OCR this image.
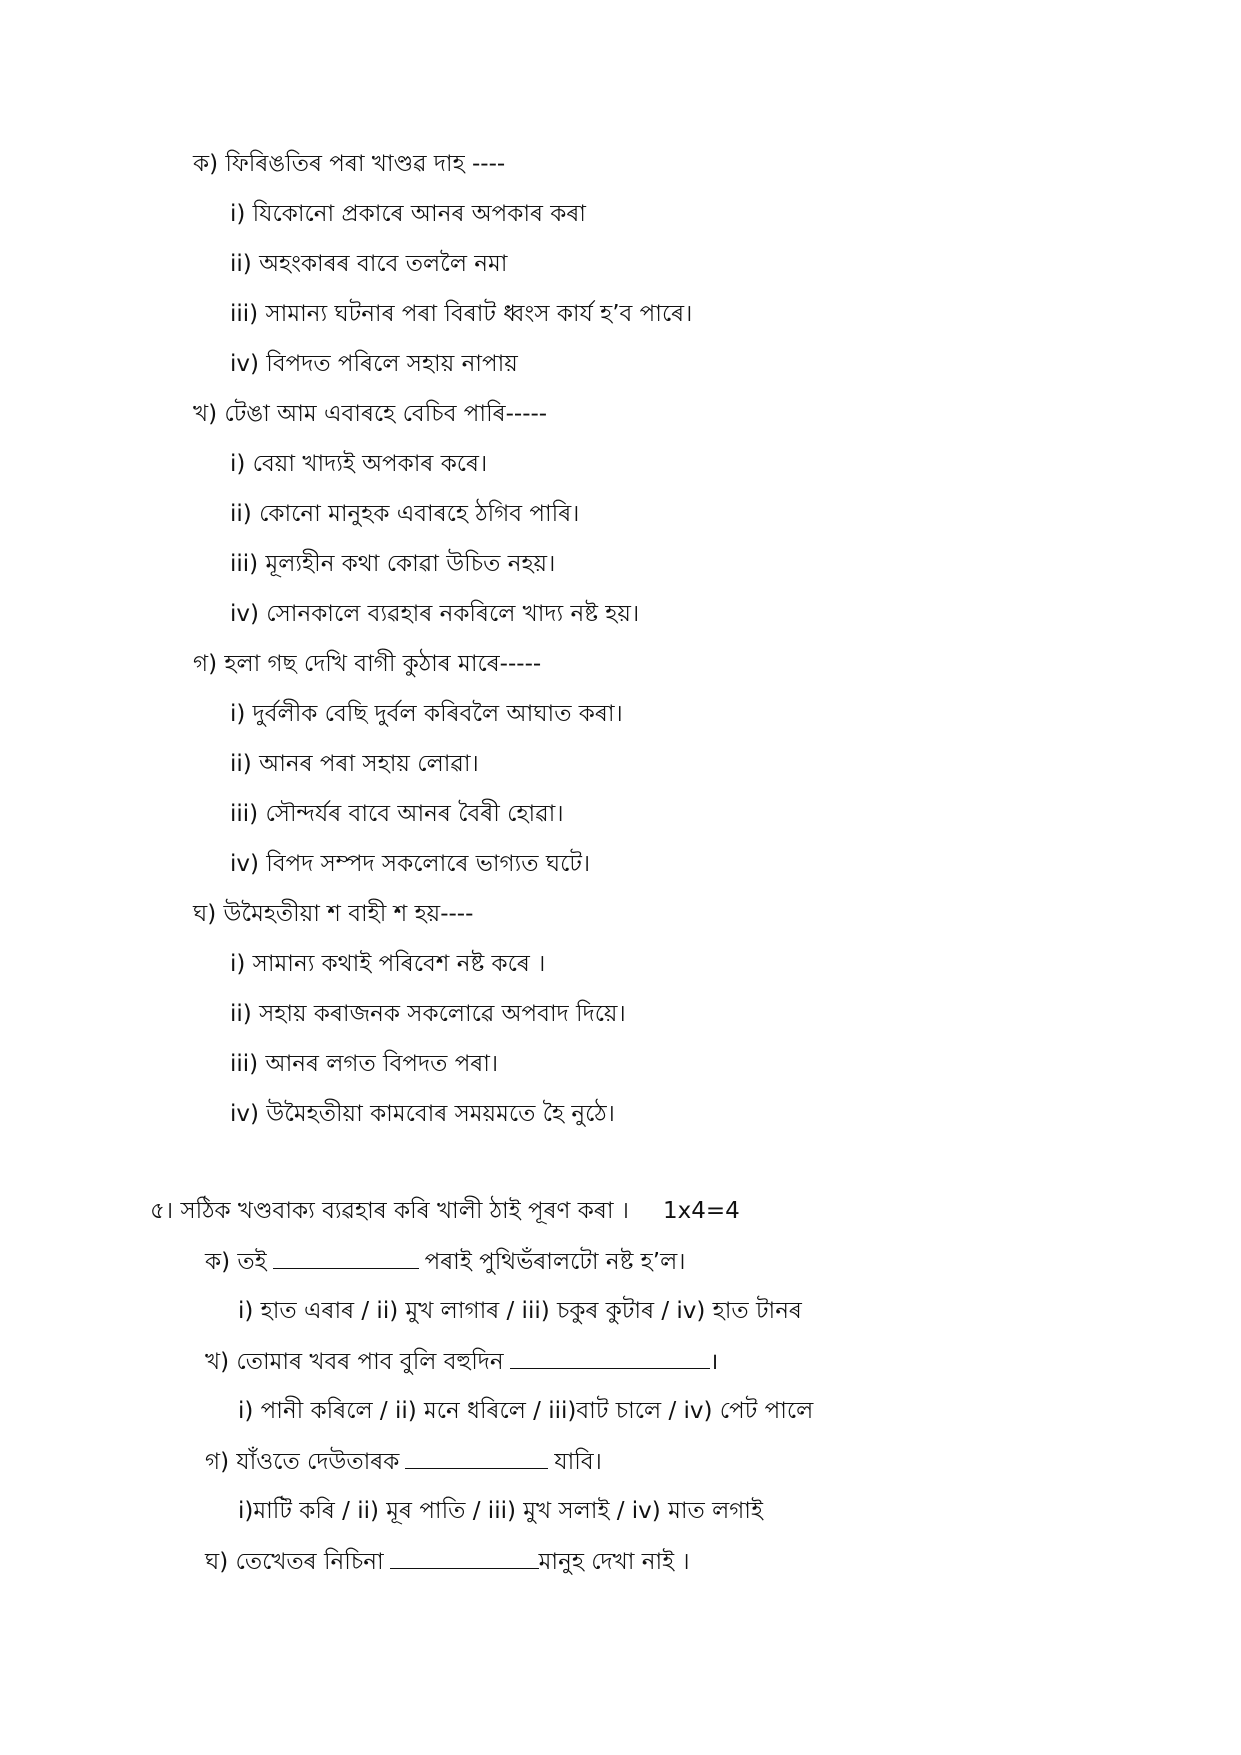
ক) ফিৰিঙতিৰ পৰা খাণ্ডৱ দাহ ----
i) যিকোনো প্ৰকাৰে আনৰ অপকাৰ কৰা
ii) অহংকাৰৰ বাবে তললৈ নমা
iii) সামান্য ঘটনাৰ পৰা বিৰাট ধ্বংস কাৰ্য হ’ব পাৰে।
iv) বিপদত পৰিলে সহায় নাপায়
খ) টেঙা আম এবাৰহে বেচিব পাৰি-----
i) বেয়া খাদ্যই অপকাৰ কৰে।
ii) কোনো মানুহক এবাৰহে ঠগিব পাৰি।
iii) মূল্যহীন কথা কোৱা উচিত নহয়।
iv) সোনকালে ব্যৱহাৰ নকৰিলে খাদ্য নষ্ট হয়।
গ) হলা গছ দেখি বাগী কুঠাৰ মাৰে-----
i) দুৰ্বলীক বেছি দুৰ্বল কৰিবলৈ আঘাত কৰা।
ii) আনৰ পৰা সহায় লোৱা।
iii) সৌন্দৰ্যৰ বাবে আনৰ বৈৰী হোৱা।
iv) বিপদ সম্পদ সকলোৰে ভাগ্যত ঘটে।
ঘ) উমৈহতীয়া শ বাহী শ হয়----
i) সামান্য কথাই পৰিবেশ নষ্ট কৰে ।
ii) সহায় কৰাজনক সকলোৱে অপবাদ দিয়ে।
iii) আনৰ লগত বিপদত পৰা।
iv) উমৈহতীয়া কামবোৰ সময়মতে হৈ নুঠে।
৫। সঠিক খণ্ডবাক্য ব্যৱহাৰ কৰি খালী ঠাই পূৰণ কৰা । 1x4=4
ক) তই	পৰাই পুথিভঁৰালটো নষ্ট হ’ল।
i) হাত এৰাৰ / ii) মুখ লাগাৰ / iii) চকুৰ কুটাৰ / iv) হাত টানৰ
খ) তোমাৰ খবৰ পাব বুলি বহুদিন	।
i) পানী কৰিলে / ii) মনে ধৰিলে / iii)বাট চালে / iv) পেট পালে
গ) যাঁওতে দেউতাৰক	যাবি।
i)মাটি কৰি / ii) মূৰ পাতি / iii) মুখ সলাই / iv) মাত লগাই
ঘ) তেখেতৰ নিচিনা	মানুহ দেখা নাই ।
